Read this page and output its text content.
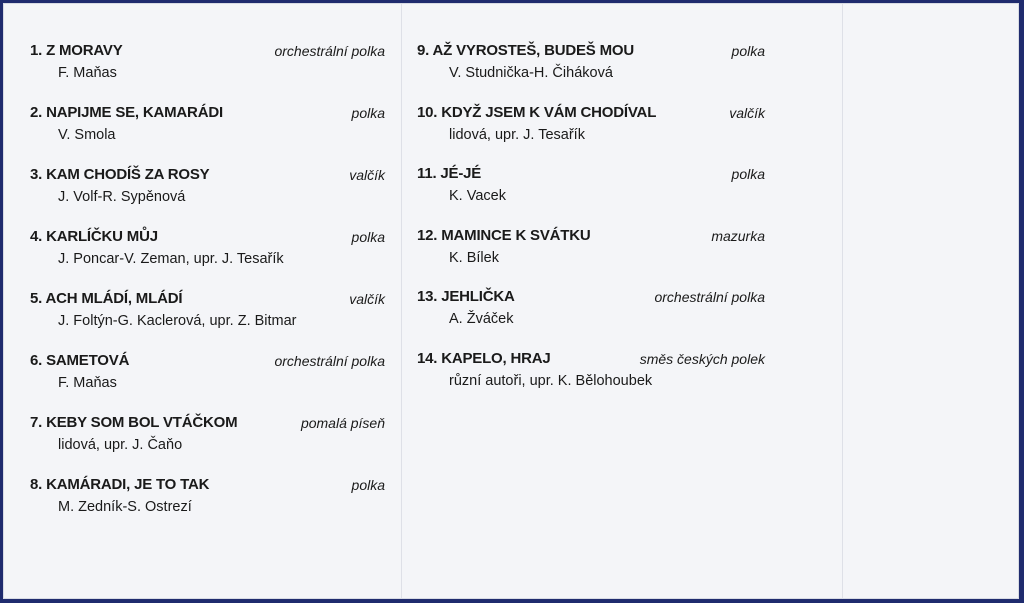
1. Z MORAVY	orchestrální polka
F. Maňas
2. NAPIJME SE, KAMARÁDI	polka
V. Smola
3. KAM CHODÍŠ ZA ROSY	valčík
J. Volf-R. Sypěnová
4. KARLÍČKU MŮJ	polka
J. Poncar-V. Zeman, upr. J. Tesařík
5. ACH MLÁDÍ, MLÁDÍ	valčík
J. Foltýn-G. Kaclerová, upr. Z. Bitmar
6. SAMETOVÁ	orchestrální polka
F. Maňas
7. KEBY SOM BOL VTÁČKOM	pomalá píseň
lidová, upr. J. Čaňo
8. KAMÁRADI, JE TO TAK	polka
M. Zedník-S. Ostrezí
9. AŽ VYROSTEŠ, BUDEŠ MOU	polka
V. Studnička-H. Čiháková
10. KDYŽ JSEM K VÁM CHODÍVAL	valčík
lidová, upr. J. Tesařík
11. JÉ-JÉ	polka
K. Vacek
12. MAMINCE K SVÁTKU	mazurka
K. Bílek
13. JEHLIČKA	orchestrální polka
A. Žváček
14. KAPELO, HRAJ	směs českých polek
různí autoři, upr. K. Bělohoubek
